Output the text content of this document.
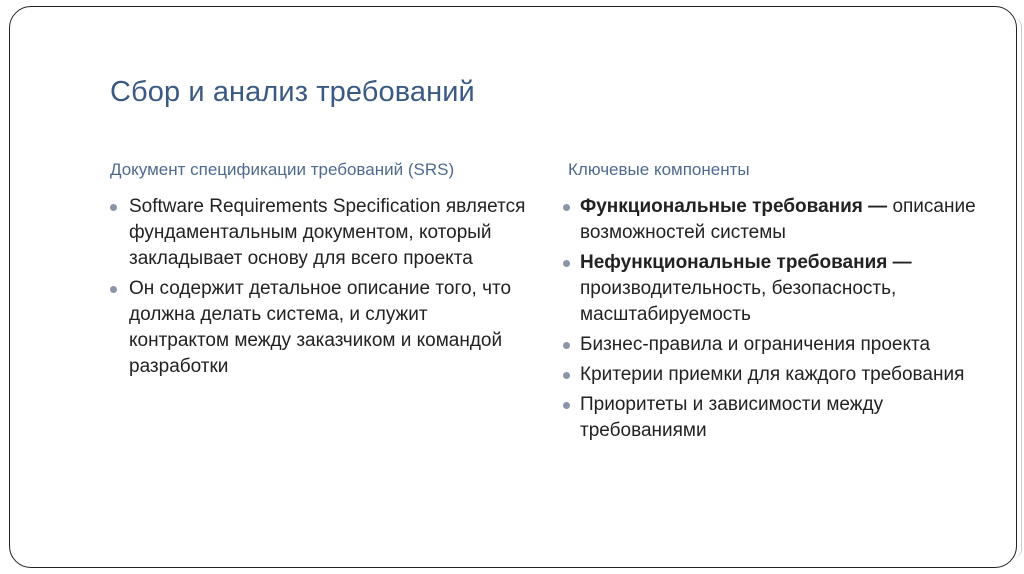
Сбор и анализ требований
Документ спецификации требований (SRS)	Ключевые компоненты
Software Requirements Specification является фундаментальным документом, который закладывает основу для всего проекта
Он содержит детальное описание того, что должна делать система, и служит контрактом между заказчиком и командой разработки
Функциональные требования — описание возможностей системы
Нефункциональные требования — производительность, безопасность, масштабируемость
Бизнес-правила и ограничения проекта
Критерии приемки для каждого требования
Приоритеты и зависимости между требованиями
